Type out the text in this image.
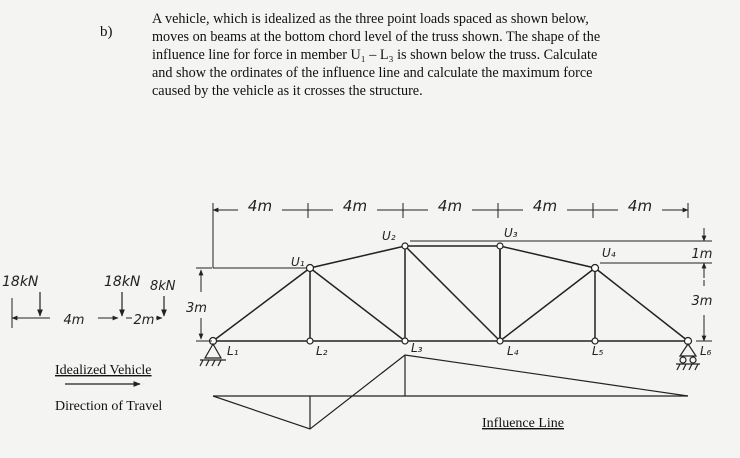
b)
A vehicle, which is idealized as the three point loads spaced as shown below,
moves on beams at the bottom chord level of the truss shown. The shape of the
influence line for force in member U₁ – L₃ is shown below the truss. Calculate
and show the ordinates of the influence line and calculate the maximum force
caused by the vehicle as it crosses the structure.
4m	4m	4m	4m	4m
1m
3m
U₁
U₂	U₃
U₄
L₁	L₂	L₃	L₄	L₅	L₆
18kN	18kN 8kN
4m	2m
3m
Idealized Vehicle
Direction of Travel
Influence Line
